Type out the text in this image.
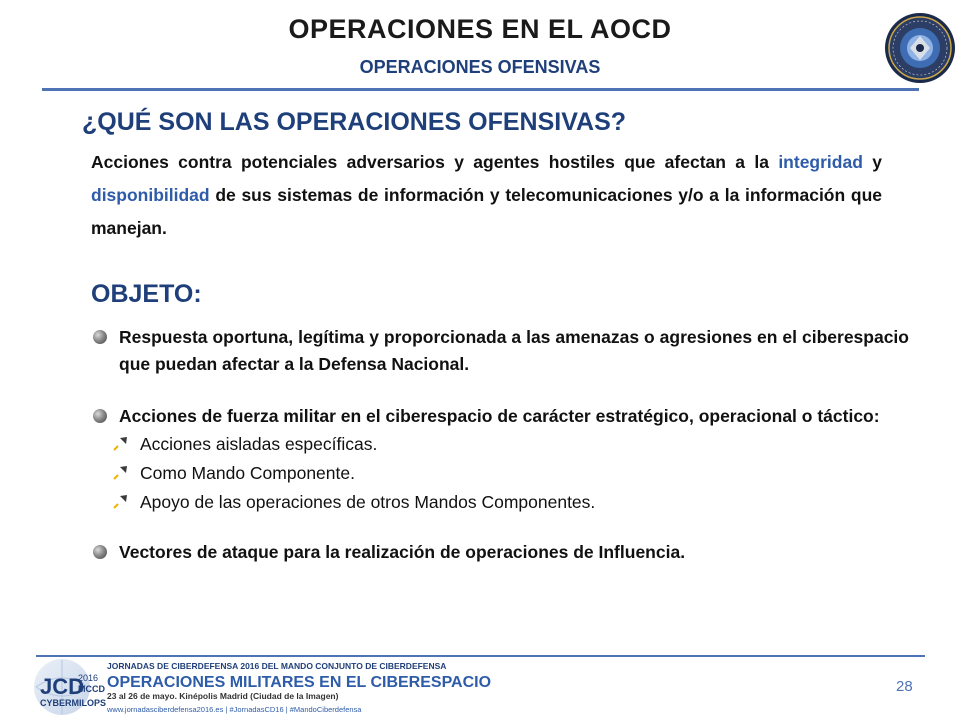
OPERACIONES EN EL AOCD
OPERACIONES OFENSIVAS
¿QUÉ SON LAS OPERACIONES OFENSIVAS?
Acciones contra potenciales adversarios y agentes hostiles que afectan a la integridad y disponibilidad de sus sistemas de información y telecomunicaciones y/o a la información que manejan.
OBJETO:
Respuesta oportuna, legítima y proporcionada a las amenazas o agresiones en el ciberespacio que puedan afectar a la Defensa Nacional.
Acciones de fuerza militar en el ciberespacio de carácter estratégico, operacional o táctico:
Acciones aisladas específicas.
Como Mando Componente.
Apoyo de las operaciones de otros Mandos Componentes.
Vectores de ataque para la realización de operaciones de Influencia.
JCD
2016
MCCD
CYBERMILOPS
JORNADAS DE CIBERDEFENSA 2016 DEL MANDO CONJUNTO DE CIBERDEFENSA
OPERACIONES MILITARES EN EL CIBERESPACIO
23 al 26 de mayo. Kinépolis Madrid (Ciudad de la Imagen)
www.jornadasciberdefensa2016.es | #JornadasCD16 | #MandoCiberdefensa
28
